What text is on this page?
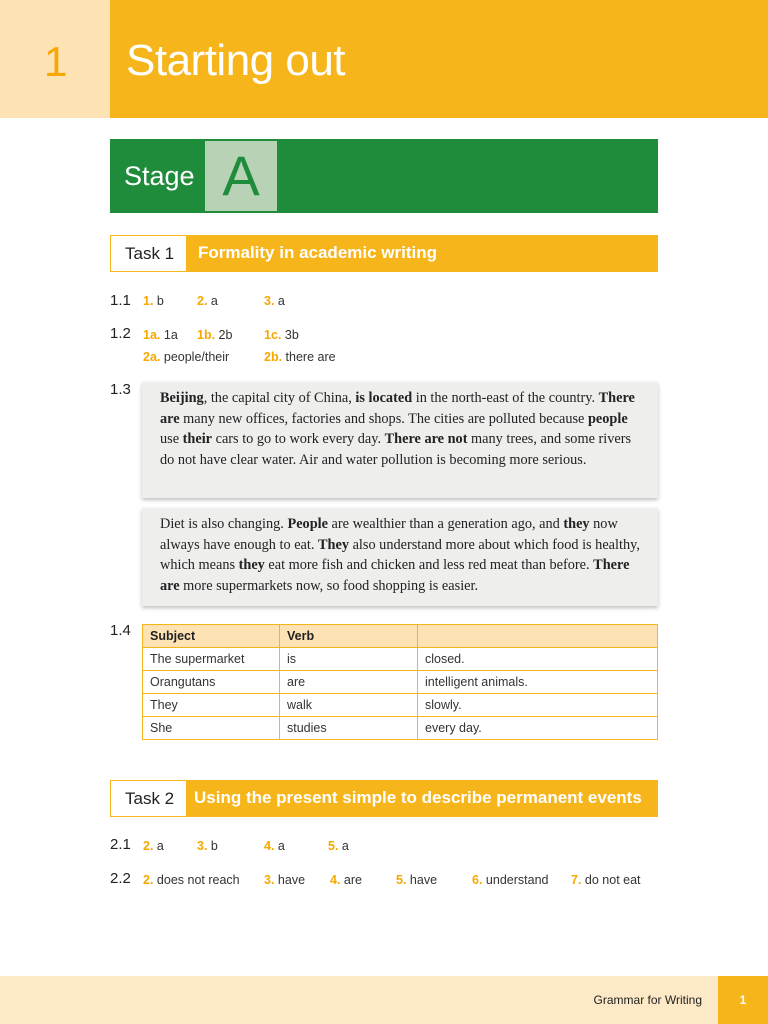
1 Starting out
Stage A
Task 1	Formality in academic writing
1.1 1. b	2. a	3. a
1.2 1a. 1a 1b. 2b	1c. 3b
2a. people/their	2b. there are
1.3	Beijing, the capital city of China, is located in the north-east of the country. There are many new offices, factories and shops. The cities are polluted because people use their cars to go to work every day. There are not many trees, and some rivers do not have clear water. Air and water pollution is becoming more serious.
Diet is also changing. People are wealthier than a generation ago, and they now always have enough to eat. They also understand more about which food is healthy, which means they eat more fish and chicken and less red meat than before. There are more supermarkets now, so food shopping is easier.
1.4 Subject	Verb	
The supermarket	is	closed.
Orangutans	are	intelligent animals.
They	walk	slowly.
She	studies	every day.
Task 2	Using the present simple to describe permanent events
2.1 2. a	3. b	4. a	5. a
2.2 2. does not reach 3. have 4. are	5. have	6. understand 7. do not eat
Grammar for Writing	1
